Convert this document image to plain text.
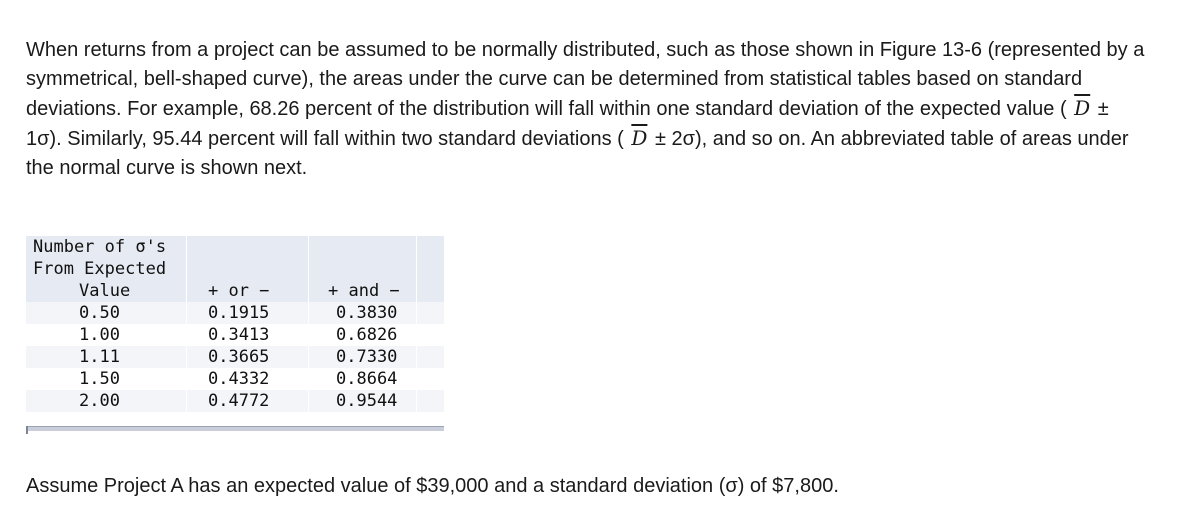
When returns from a project can be assumed to be normally distributed, such as those shown in Figure 13-6 (represented by a symmetrical, bell-shaped curve), the areas under the curve can be determined from statistical tables based on standard deviations. For example, 68.26 percent of the distribution will fall within one standard deviation of the expected value ( $\overline{D} \pm 1\sigma$). Similarly, 95.44 percent will fall within two standard deviations ( $\overline{D} \pm 2\sigma$), and so on. An abbreviated table of areas under the normal curve is shown next.

Number of σ's
From Expected
Value	+ or −	+ and −
0.50	0.1915	0.3830
1.00	0.3413	0.6826
1.11	0.3665	0.7330
1.50	0.4332	0.8664
2.00	0.4772	0.9544

Assume Project A has an expected value of $39,000 and a standard deviation (σ) of $7,800.
